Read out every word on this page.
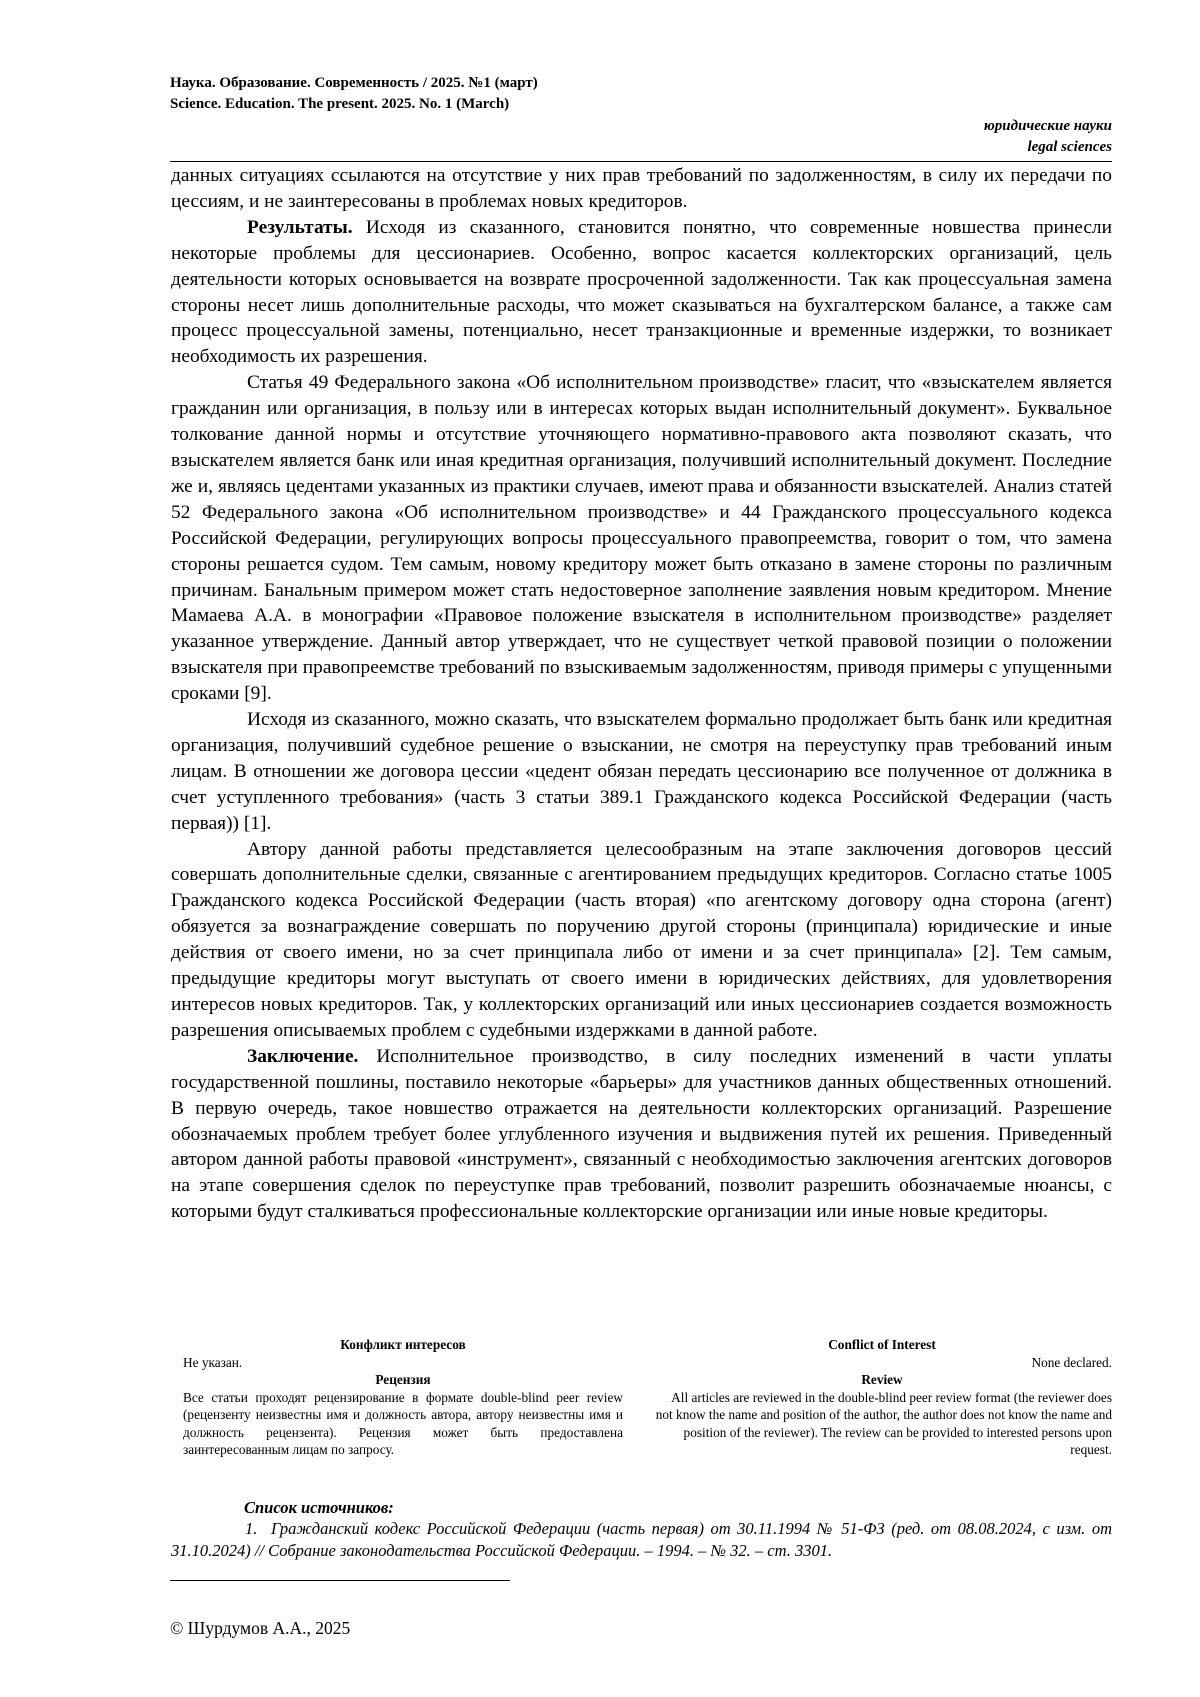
Наука. Образование. Современность / 2025. №1 (март)
Science. Education. The present. 2025. No. 1 (March)
юридические науки
legal sciences

данных ситуациях ссылаются на отсутствие у них прав требований по задолженностям, в силу их передачи по цессиям, и не заинтересованы в проблемах новых кредиторов.

Результаты. Исходя из сказанного, становится понятно, что современные новшества принесли некоторые проблемы для цессионариев. Особенно, вопрос касается коллекторских организаций, цель деятельности которых основывается на возврате просроченной задолженности. Так как процессуальная замена стороны несет лишь дополнительные расходы, что может сказываться на бухгалтерском балансе, а также сам процесс процессуальной замены, потенциально, несет транзакционные и временные издержки, то возникает необходимость их разрешения.

Статья 49 Федерального закона «Об исполнительном производстве» гласит, что «взыскателем является гражданин или организация, в пользу или в интересах которых выдан исполнительный документ». Буквальное толкование данной нормы и отсутствие уточняющего нормативно-правового акта позволяют сказать, что взыскателем является банк или иная кредитная организация, получивший исполнительный документ. Последние же и, являясь цедентами указанных из практики случаев, имеют права и обязанности взыскателей. Анализ статей 52 Федерального закона «Об исполнительном производстве» и 44 Гражданского процессуального кодекса Российской Федерации, регулирующих вопросы процессуального правопреемства, говорит о том, что замена стороны решается судом. Тем самым, новому кредитору может быть отказано в замене стороны по различным причинам. Банальным примером может стать недостоверное заполнение заявления новым кредитором. Мнение Мамаева А.А. в монографии «Правовое положение взыскателя в исполнительном производстве» разделяет указанное утверждение. Данный автор утверждает, что не существует четкой правовой позиции о положении взыскателя при правопреемстве требований по взыскиваемым задолженностям, приводя примеры с упущенными сроками [9].

Исходя из сказанного, можно сказать, что взыскателем формально продолжает быть банк или кредитная организация, получивший судебное решение о взыскании, не смотря на переуступку прав требований иным лицам. В отношении же договора цессии «цедент обязан передать цессионарию все полученное от должника в счет уступленного требования» (часть 3 статьи 389.1 Гражданского кодекса Российской Федерации (часть первая)) [1].

Автору данной работы представляется целесообразным на этапе заключения договоров цессий совершать дополнительные сделки, связанные с агентированием предыдущих кредиторов. Согласно статье 1005 Гражданского кодекса Российской Федерации (часть вторая) «по агентскому договору одна сторона (агент) обязуется за вознаграждение совершать по поручению другой стороны (принципала) юридические и иные действия от своего имени, но за счет принципала либо от имени и за счет принципала» [2]. Тем самым, предыдущие кредиторы могут выступать от своего имени в юридических действиях, для удовлетворения интересов новых кредиторов. Так, у коллекторских организаций или иных цессионариев создается возможность разрешения описываемых проблем с судебными издержками в данной работе.

Заключение. Исполнительное производство, в силу последних изменений в части уплаты государственной пошлины, поставило некоторые «барьеры» для участников данных общественных отношений. В первую очередь, такое новшество отражается на деятельности коллекторских организаций. Разрешение обозначаемых проблем требует более углубленного изучения и выдвижения путей их решения. Приведенный автором данной работы правовой «инструмент», связанный с необходимостью заключения агентских договоров на этапе совершения сделок по переуступке прав требований, позволит разрешить обозначаемые нюансы, с которыми будут сталкиваться профессиональные коллекторские организации или иные новые кредиторы.

Конфликт интересов
Не указан.
Рецензия
Все статьи проходят рецензирование в формате double-blind peer review (рецензенту неизвестны имя и должность автора, автору неизвестны имя и должность рецензента). Рецензия может быть предоставлена заинтересованным лицам по запросу.
Conflict of Interest
None declared.
Review
All articles are reviewed in the double-blind peer review format (the reviewer does not know the name and position of the author, the author does not know the name and position of the reviewer). The review can be provided to interested persons upon request.
Список источников:
1. Гражданский кодекс Российской Федерации (часть первая) от 30.11.1994 № 51-ФЗ (ред. от 08.08.2024, с изм. от 31.10.2024) // Собрание законодательства Российской Федерации. – 1994. – № 32. – ст. 3301.
© Шурдумов А.А., 2025
